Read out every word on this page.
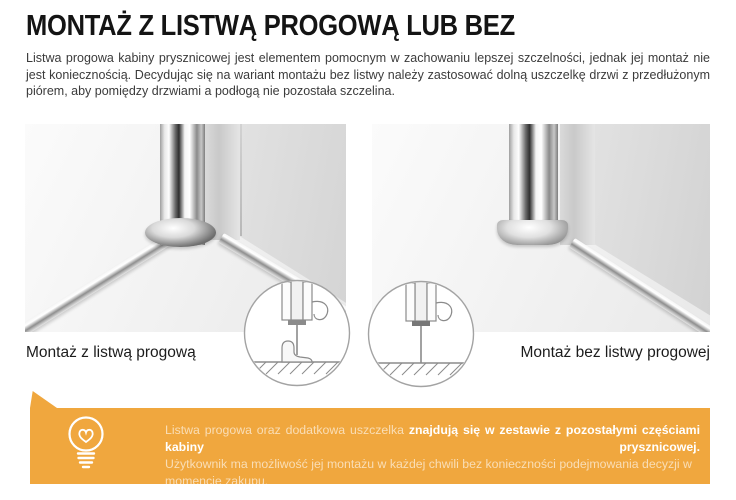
MONTAŻ Z LISTWĄ PROGOWĄ LUB BEZ

Listwa progowa kabiny prysznicowej jest elementem pomocnym w zachowaniu lepszej szczelności, jednak jej montaż nie jest koniecznością. Decydując się na wariant montażu bez listwy należy zastosować dolną uszczelkę drzwi z przedłużonym piórem, aby pomiędzy drzwiami a podłogą nie pozostała szczelina.

Montaż z listwą progową	Montaż bez listwy progowej

Listwa progowa oraz dodatkowa uszczelka znajdują się w zestawie z pozostałymi częściami kabiny prysznicowej.

Użytkownik ma możliwość jej montażu w każdej chwili bez konieczności podejmowania decyzji w momencie zakupu.
